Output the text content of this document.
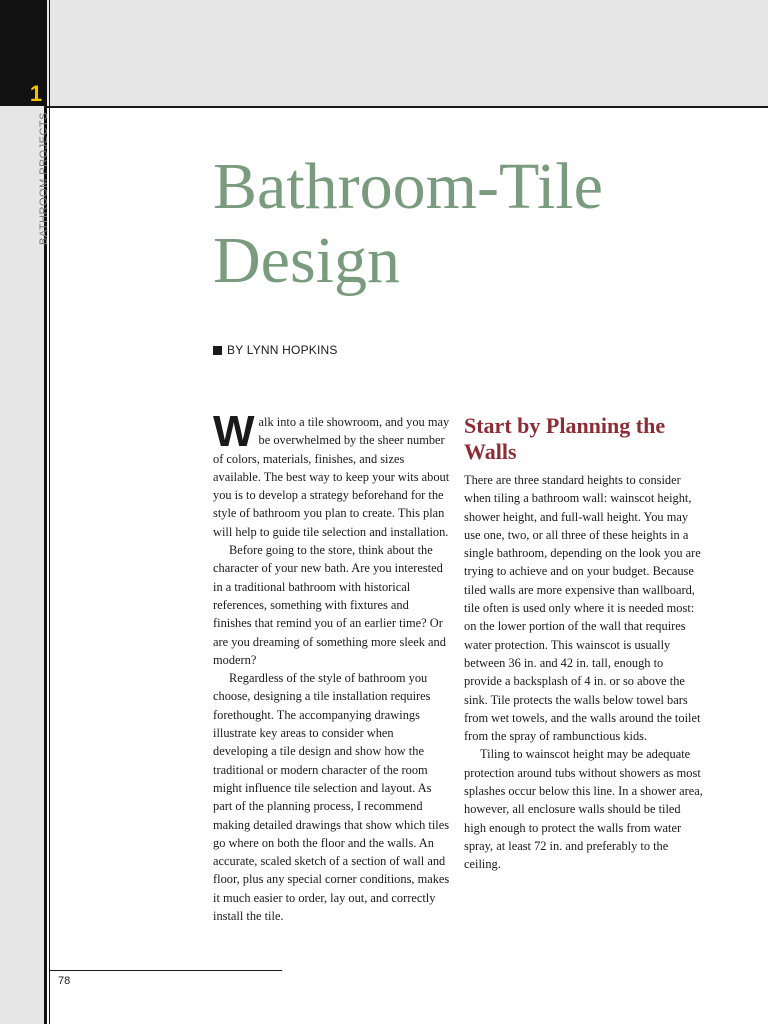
1
BATHROOM PROJECTS Bathroom-Tile
Design
BY LYNN HOPKINS

Walk into a tile showroom, and you may be overwhelmed by the sheer number of colors, materials, finishes, and sizes available. The best way to keep your wits about you is to develop a strategy beforehand for the style of bathroom you plan to create. This plan will help to guide tile selection and installation.

Before going to the store, think about the character of your new bath. Are you interested in a traditional bathroom with historical references, something with fixtures and finishes that remind you of an earlier time? Or are you dreaming of something more sleek and modern?

Regardless of the style of bathroom you choose, designing a tile installation requires forethought. The accompanying drawings illustrate key areas to consider when developing a tile design and show how the traditional or modern character of the room might influence tile selection and layout. As part of the planning process, I recommend making detailed drawings that show which tiles go where on both the floor and the walls. An accurate, scaled sketch of a section of wall and floor, plus any special corner conditions, makes it much easier to order, lay out, and correctly install the tile.

Start by Planning the Walls

There are three standard heights to consider when tiling a bathroom wall: wainscot height, shower height, and full-wall height. You may use one, two, or all three of these heights in a single bathroom, depending on the look you are trying to achieve and on your budget. Because tiled walls are more expensive than wallboard, tile often is used only where it is needed most: on the lower portion of the wall that requires water protection. This wainscot is usually between 36 in. and 42 in. tall, enough to provide a backsplash of 4 in. or so above the sink. Tile protects the walls below towel bars from wet towels, and the walls around the toilet from the spray of rambunctious kids.

Tiling to wainscot height may be adequate protection around tubs without showers as most splashes occur below this line. In a shower area, however, all enclosure walls should be tiled high enough to protect the walls from water spray, at least 72 in. and preferably to the ceiling.

78
